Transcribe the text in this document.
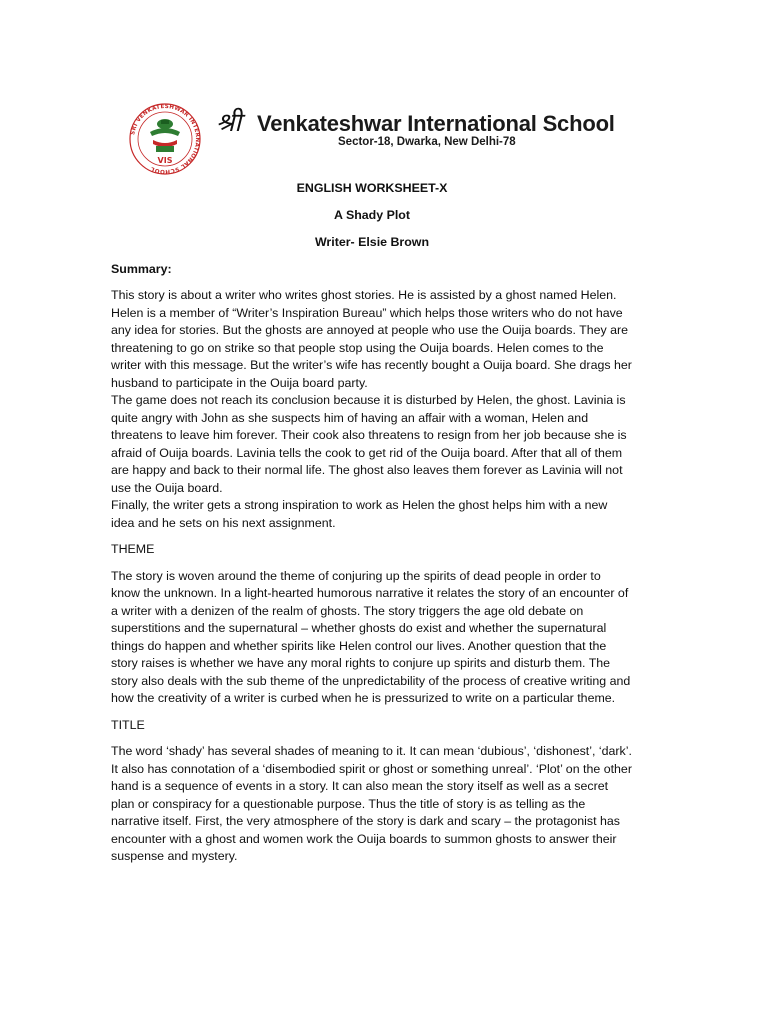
SRI VENKATESHWAR INTERNATIONAL SCHOOL
VIS
श्री Venkateshwar International School
Sector-18, Dwarka, New Delhi-78
ENGLISH WORKSHEET-X
A Shady Plot
Writer- Elsie Brown
Summary:

This story is about a writer who writes ghost stories. He is assisted by a ghost named Helen. Helen is a member of “Writer’s Inspiration Bureau” which helps those writers who do not have any idea for stories. But the ghosts are annoyed at people who use the Ouija boards. They are threatening to go on strike so that people stop using the Ouija boards. Helen comes to the writer with this message. But the writer’s wife has recently bought a Ouija board. She drags her husband to participate in the Ouija board party.

The game does not reach its conclusion because it is disturbed by Helen, the ghost. Lavinia is quite angry with John as she suspects him of having an affair with a woman, Helen and threatens to leave him forever. Their cook also threatens to resign from her job because she is afraid of Ouija boards. Lavinia tells the cook to get rid of the Ouija board. After that all of them are happy and back to their normal life. The ghost also leaves them forever as Lavinia will not use the Ouija board.

Finally, the writer gets a strong inspiration to work as Helen the ghost helps him with a new idea and he sets on his next assignment.

THEME

The story is woven around the theme of conjuring up the spirits of dead people in order to know the unknown. In a light-hearted humorous narrative it relates the story of an encounter of a writer with a denizen of the realm of ghosts. The story triggers the age old debate on superstitions and the supernatural – whether ghosts do exist and whether the supernatural things do happen and whether spirits like Helen control our lives. Another question that the story raises is whether we have any moral rights to conjure up spirits and disturb them. The story also deals with the sub theme of the unpredictability of the process of creative writing and how the creativity of a writer is curbed when he is pressurized to write on a particular theme.

TITLE

The word ‘shady’ has several shades of meaning to it. It can mean ‘dubious’, ‘dishonest’, ‘dark’. It also has connotation of a ‘disembodied spirit or ghost or something unreal’. ‘Plot’ on the other hand is a sequence of events in a story. It can also mean the story itself as well as a secret plan or conspiracy for a questionable purpose. Thus the title of story is as telling as the narrative itself. First, the very atmosphere of the story is dark and scary – the protagonist has encounter with a ghost and women work the Ouija boards to summon ghosts to answer their suspense and mystery.
